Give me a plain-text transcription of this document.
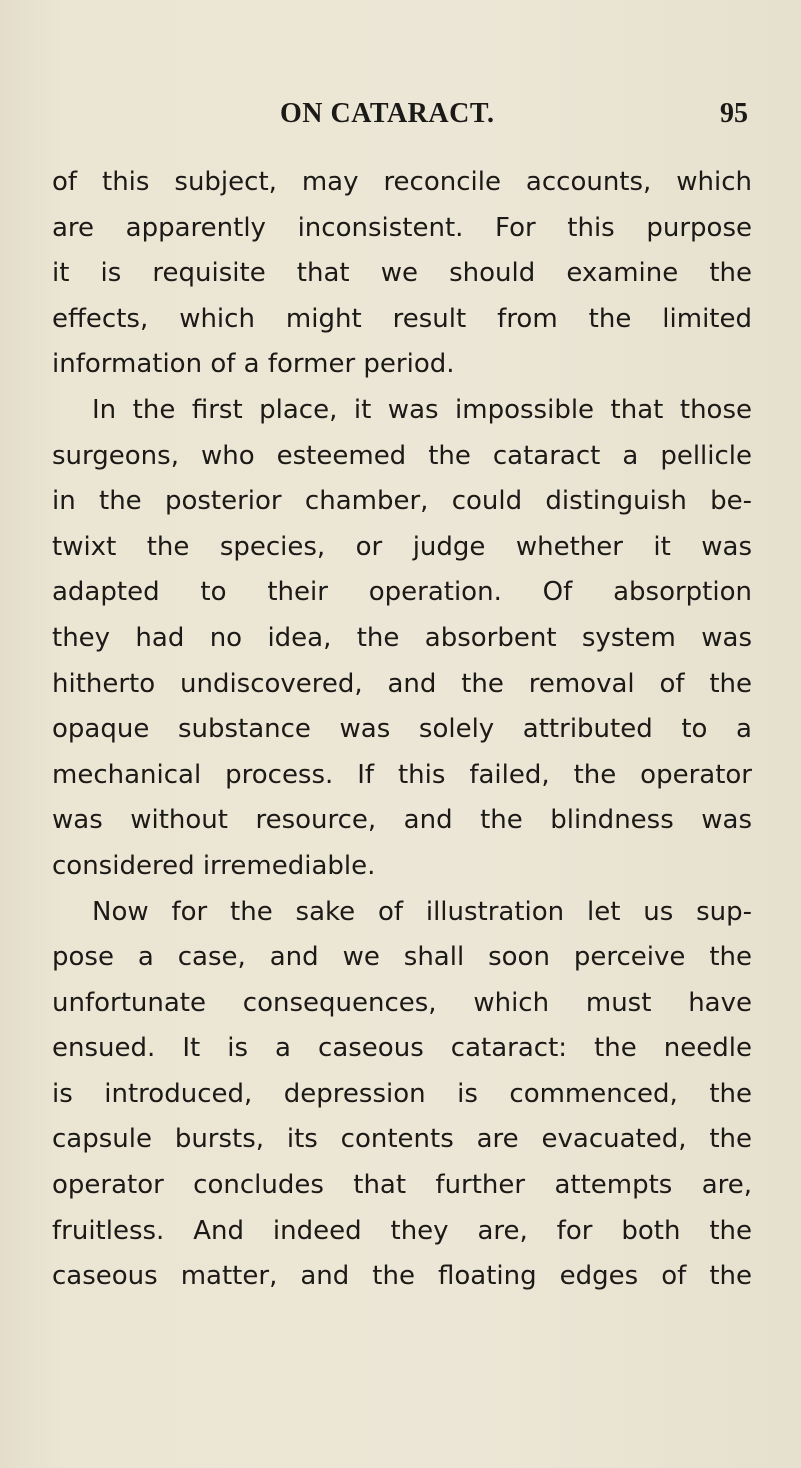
ON CATARACT.	95
of this subject, may reconcile accounts, which
are apparently inconsistent. For this purpose
it is requisite that we should examine the
effects, which might result from the limited
information of a former period.
In the first place, it was impossible that those
surgeons, who esteemed the cataract a pellicle
in the posterior chamber, could distinguish be-
twixt the species, or judge whether it was
adapted to their operation. Of absorption
they had no idea, the absorbent system was
hitherto undiscovered, and the removal of the
opaque substance was solely attributed to a
mechanical process. If this failed, the operator
was without resource, and the blindness was
considered irremediable.
Now for the sake of illustration let us sup-
pose a case, and we shall soon perceive the
unfortunate consequences, which must have
ensued. It is a caseous cataract: the needle
is introduced, depression is commenced, the
capsule bursts, its contents are evacuated, the
operator concludes that further attempts are,
fruitless. And indeed they are, for both the
caseous matter, and the floating edges of the
